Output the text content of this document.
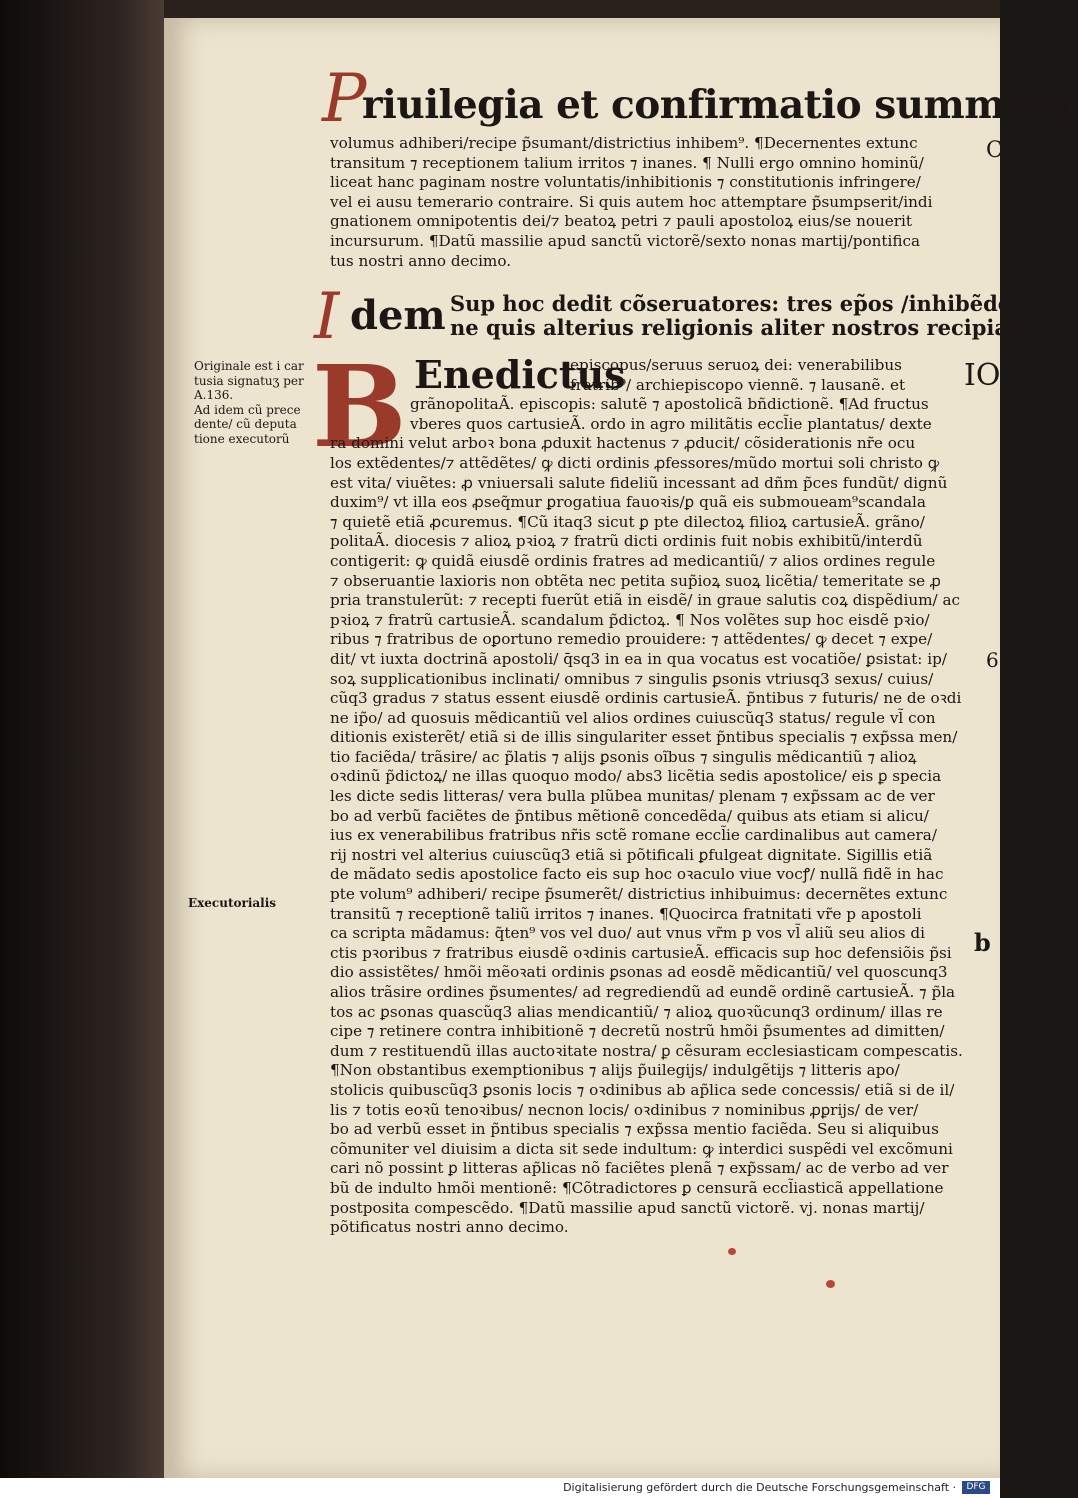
P
riuilegia et confirmatio summorũ
volumus adhiberi/recipe p̃sumant/districtius inhibem⁹. ¶Decernentes extunc
transitum ⁊ receptionem talium irritos ⁊ inanes. ¶ Nulli ergo omnino hominũ/
liceat hanc paginam nostre voluntatis/inhibitionis ⁊ constitutionis infringere/
vel ei ausu temerario contraire. Si quis autem hoc attemptare p̃sumpserit/indi
gnationem omnipotentis dei/⁊ beatoꝝ petri ⁊ pauli apostoloꝝ eius/se nouerit
incursurum. ¶Datũ massilie apud sanctũ victorẽ/sexto nonas martij/pontifica
tus nostri anno decimo.
I dem Sup hoc dedit cõseruatores: tres ep̃os /inhibẽdo
ne quis alterius religionis aliter nostros recipiat.
Originale est i car
tusia signatuʒ per
A.136.
Ad idem cũ prece
dente/ cũ deputa
tione executorũ
Executorialis
B Enedictus
episcopus/seruus seruoꝝ dei: venerabilibus
fratrib⁹/ archiepiscopo viennẽ. ⁊ lausanẽ. et
grãnopolitaÃ. episcopis: salutẽ ⁊ apostolicã bñdictionẽ. ¶Ad fructus
vberes quos cartusieÃ. ordo in agro militãtis eccl̃ie plantatus/ dexte
ra domini velut arboꝛ bona ꝓduxit hactenus ⁊ ꝓducit/ cõsiderationis nr̃e ocu
los extẽdentes/⁊ attẽdẽtes/ ꝙ dicti ordinis ꝓfessores/mũdo mortui soli christo ꝙ
est vita/ viuẽtes: ꝓ vniuersali salute fideliũ incessant ad dñm p̃ces fundũt/ dignũ
duxim⁹/ vt illa eos ꝓseq̃mur ꝑrogatiua fauoꝛis/ꝑ quã eis submoueam⁹scandala
⁊ quietẽ etiã ꝓcuremus. ¶Cũ itaq3 sicut ꝑ pte dilectoꝝ filioꝝ cartusieÃ. grãno/
politaÃ. diocesis ⁊ alioꝝ pꝛioꝝ ⁊ fratrũ dicti ordinis fuit nobis exhibitũ/interdũ
contigerit: ꝙ quidã eiusdẽ ordinis fratres ad medicantiũ/ ⁊ alios ordines regule
⁊ obseruantie laxioris non obtẽta nec petita sup̃ioꝝ suoꝝ licẽtia/ temeritate se ꝓ
pria transtulerũt: ⁊ recepti fuerũt etiã in eisdẽ/ in graue salutis coꝝ dispẽdium/ ac
pꝛioꝝ ⁊ fratrũ cartusieÃ. scandalum p̃dictoꝝ. ¶ Nos volẽtes sup hoc eisdẽ pꝛio/
ribus ⁊ fratribus de oꝑortuno remedio prouidere: ⁊ attẽdentes/ ꝙ decet ⁊ expe/
dit/ vt iuxta doctrinã apostoli/ q̄sq3 in ea in qua vocatus est vocatiõe/ ꝑsistat: ip/
soꝝ supplicationibus inclinati/ omnibus ⁊ singulis ꝑsonis vtriusq3 sexus/ cuius/
cũq3 gradus ⁊ status essent eiusdẽ ordinis cartusieÃ. p̃ntibus ⁊ futuris/ ne de oꝛdi
ne ip̃o/ ad quosuis mẽdicantiũ vel alios ordines cuiuscũq3 status/ regule vl̃ con
ditionis existerẽt/ etiã si de illis singulariter esset p̃ntibus specialis ⁊ exp̃ssa men/
tio faciẽda/ trãsire/ ac p̃latis ⁊ alijs ꝑsonis oĩbus ⁊ singulis mẽdicantiũ ⁊ alioꝝ
oꝛdinũ p̃dictoꝝ/ ne illas quoquo modo/ abs3 licẽtia sedis apostolice/ eis ꝑ specia
les dicte sedis litteras/ vera bulla plũbea munitas/ plenam ⁊ exp̃ssam ac de ver
bo ad verbũ faciẽtes de p̃ntibus mẽtionẽ concedẽda/ quibus ats etiam si alicu/
ius ex venerabilibus fratribus nr̃is sctẽ romane eccl̃ie cardinalibus aut camera/
rij nostri vel alterius cuiuscũq3 etiã si põtificali ꝑfulgeat dignitate. Sigillis etiã
de mãdato sedis apostolice facto eis sup hoc oꝛaculo viue vocꝭ/ nullã fidẽ in hac
pte volum⁹ adhiberi/ recipe p̃sumerẽt/ districtius inhibuimus: decernẽtes extunc
transitũ ⁊ receptionẽ taliũ irritos ⁊ inanes. ¶Quocirca fratnitati vr̃e p apostoli
ca scripta mãdamus: q̃ten⁹ vos vel duo/ aut vnus vr̃m p vos vl̃ aliũ seu alios di
ctis pꝛoribus ⁊ fratribus eiusdẽ oꝛdinis cartusieÃ. efficacis sup hoc defensiõis p̃si
dio assistẽtes/ hmõi mẽoꝛati ordinis ꝑsonas ad eosdẽ mẽdicantiũ/ vel quoscunq3
alios trãsire ordines p̃sumentes/ ad regrediendũ ad eundẽ ordinẽ cartusieÃ. ⁊ p̃la
tos ac ꝑsonas quascũq3 alias mendicantiũ/ ⁊ alioꝝ quoꝛũcunq3 ordinum/ illas re
cipe ⁊ retinere contra inhibitionẽ ⁊ decretũ nostrũ hmõi p̃sumentes ad dimitten/
dum ⁊ restituendũ illas auctoꝛitate nostra/ ꝑ cẽsuram ecclesiasticam compescatis.
¶Non obstantibus exemptionibus ⁊ alijs p̃uilegijs/ indulgẽtijs ⁊ litteris apo/
stolicis quibuscũq3 ꝑsonis locis ⁊ oꝛdinibus ab ap̃lica sede concessis/ etiã si de il/
lis ⁊ totis eoꝛũ tenoꝛibus/ necnon locis/ oꝛdinibus ⁊ nominibus ꝓꝑrijs/ de ver/
bo ad verbũ esset in p̃ntibus specialis ⁊ exp̃ssa mentio faciẽda. Seu si aliquibus
cõmuniter vel diuisim a dicta sit sede indultum: ꝙ interdici suspẽdi vel excõmuni
cari nõ possint ꝑ litteras ap̃licas nõ faciẽtes plenã ⁊ exp̃ssam/ ac de verbo ad ver
bũ de indulto hmõi mentionẽ: ¶Cõtradictores ꝑ censurã eccl̃iasticã appellatione
postposita compescẽdo. ¶Datũ massilie apud sanctũ victorẽ. vj. nonas martij/
põtificatus nostri anno decimo.
C
IO
6
b
Digitalisierung gefördert durch die Deutsche Forschungsgemeinschaft ·	DFG
